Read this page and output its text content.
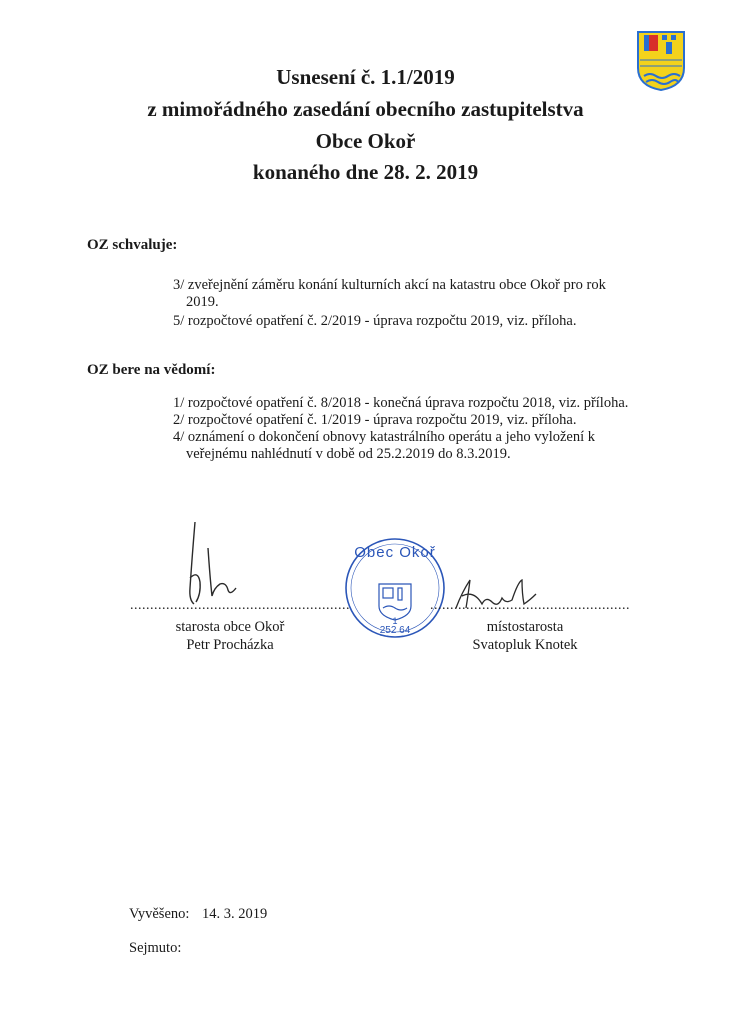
Usnesení č. 1.1/2019
z mimořádného zasedání obecního zastupitelstva
Obce Okoř
konaného dne 28. 2. 2019
OZ schvaluje:
3/ zveřejnění záměru konání kulturních akcí na katastru obce Okoř pro rok
2019.
5/ rozpočtové opatření č. 2/2019 - úprava rozpočtu 2019, viz. příloha.
OZ bere na vědomí:
1/ rozpočtové opatření č. 8/2018 - konečná úprava rozpočtu 2018, viz. příloha.
2/ rozpočtové opatření č. 1/2019 - úprava rozpočtu 2019, viz. příloha.
4/ oznámení o dokončení obnovy katastrálního operátu a jeho vyložení k
veřejnému nahlédnutí v době od 25.2.2019 do 8.3.2019.
.......................................................
starosta obce Okoř
Petr Procházka
Obec Okoř
1
252 64
..................................................
místostarosta
Svatopluk Knotek
Vyvěšeno: 14. 3. 2019
Sejmuto:
